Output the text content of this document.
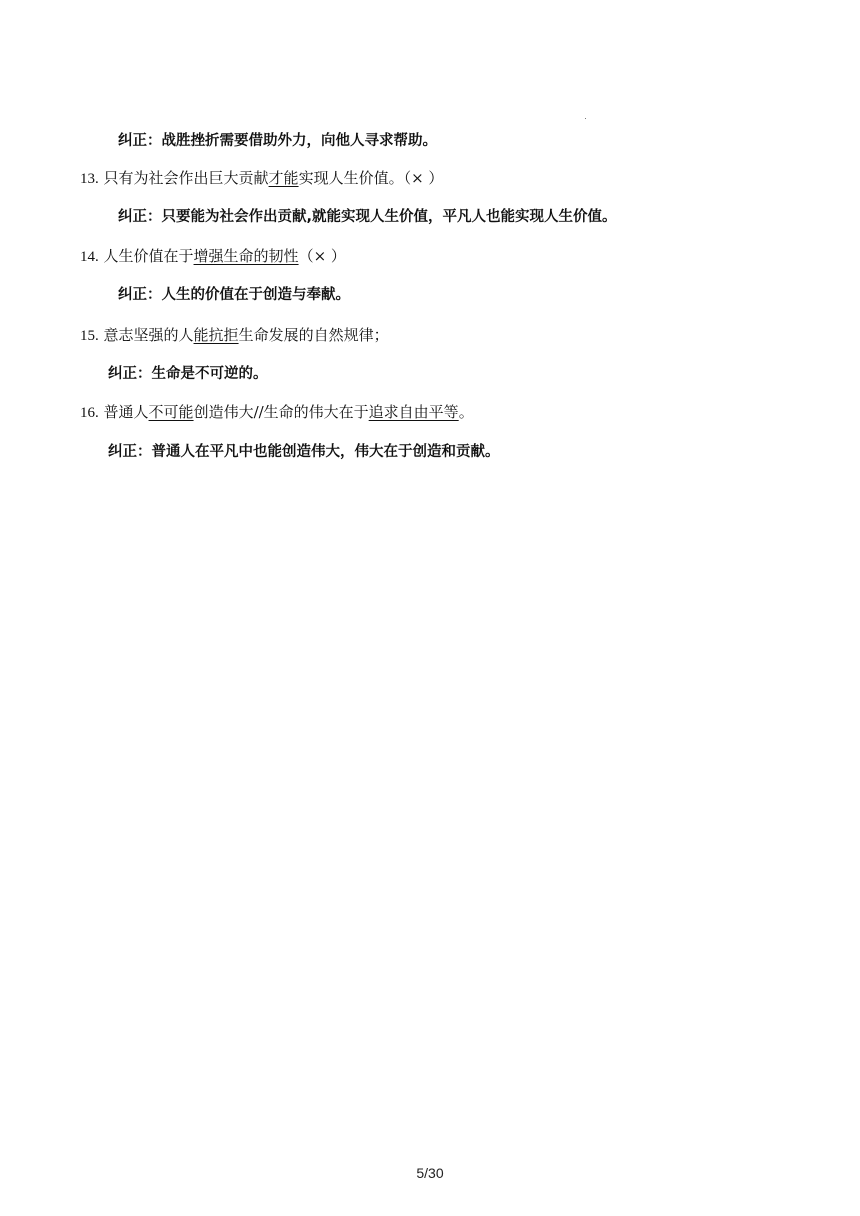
纠正：战胜挫折需要借助外力，向他人寻求帮助。
13. 只有为社会作出巨大贡献才能实现人生价值。（× ）
纠正：只要能为社会作出贡献,就能实现人生价值，平凡人也能实现人生价值。
14. 人生价值在于增强生命的韧性（× ）
纠正：人生的价值在于创造与奉献。
15. 意志坚强的人能抗拒生命发展的自然规律；
纠正：生命是不可逆的。
16. 普通人不可能创造伟大//生命的伟大在于追求自由平等。
纠正：普通人在平凡中也能创造伟大，伟大在于创造和贡献。
5/30
